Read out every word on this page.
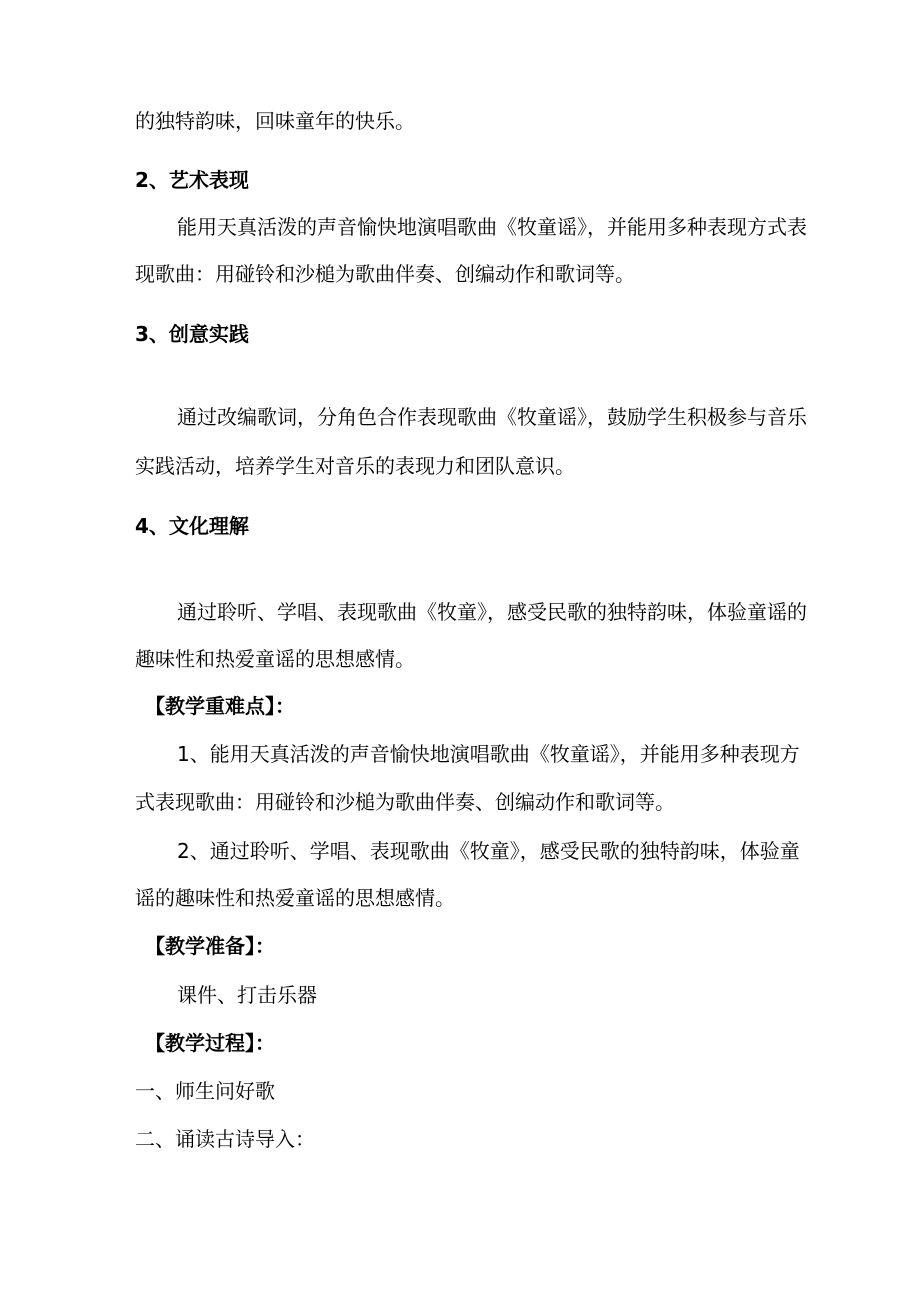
的独特韵味，回味童年的快乐。

2、艺术表现

能用天真活泼的声音愉快地演唱歌曲《牧童谣》，并能用多种表现方式表

现歌曲：用碰铃和沙槌为歌曲伴奏、创编动作和歌词等。

3、创意实践

通过改编歌词，分角色合作表现歌曲《牧童谣》，鼓励学生积极参与音乐

实践活动，培养学生对音乐的表现力和团队意识。

4、文化理解

通过聆听、学唱、表现歌曲《牧童》，感受民歌的独特韵味，体验童谣的

趣味性和热爱童谣的思想感情。

【教学重难点】：

1、能用天真活泼的声音愉快地演唱歌曲《牧童谣》，并能用多种表现方

式表现歌曲：用碰铃和沙槌为歌曲伴奏、创编动作和歌词等。

2、通过聆听、学唱、表现歌曲《牧童》，感受民歌的独特韵味，体验童

谣的趣味性和热爱童谣的思想感情。

【教学准备】：

课件、打击乐器

【教学过程】：

一、师生问好歌

二、诵读古诗导入：
